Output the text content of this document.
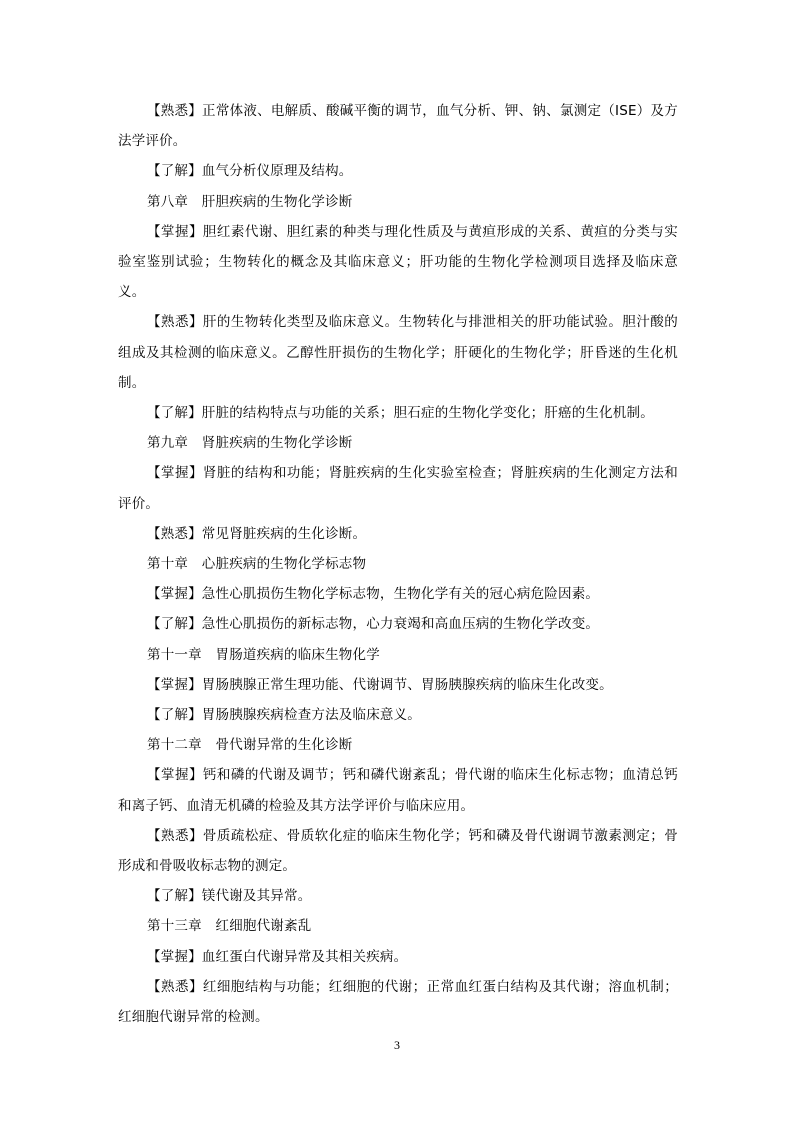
【熟悉】正常体液、电解质、酸碱平衡的调节，血气分析、钾、钠、氯测定（ISE）及方法学评价。

【了解】血气分析仪原理及结构。

第八章　肝胆疾病的生物化学诊断

【掌握】胆红素代谢、胆红素的种类与理化性质及与黄疸形成的关系、黄疸的分类与实验室鉴别试验；生物转化的概念及其临床意义；肝功能的生物化学检测项目选择及临床意义。

【熟悉】肝的生物转化类型及临床意义。生物转化与排泄相关的肝功能试验。胆汁酸的组成及其检测的临床意义。乙醇性肝损伤的生物化学；肝硬化的生物化学；肝昏迷的生化机制。

【了解】肝脏的结构特点与功能的关系；胆石症的生物化学变化；肝癌的生化机制。

第九章　肾脏疾病的生物化学诊断

【掌握】肾脏的结构和功能；肾脏疾病的生化实验室检查；肾脏疾病的生化测定方法和评价。

【熟悉】常见肾脏疾病的生化诊断。

第十章　心脏疾病的生物化学标志物

【掌握】急性心肌损伤生物化学标志物，生物化学有关的冠心病危险因素。

【了解】急性心肌损伤的新标志物，心力衰竭和高血压病的生物化学改变。

第十一章　胃肠道疾病的临床生物化学

【掌握】胃肠胰腺正常生理功能、代谢调节、胃肠胰腺疾病的临床生化改变。

【了解】胃肠胰腺疾病检查方法及临床意义。

第十二章　骨代谢异常的生化诊断

【掌握】钙和磷的代谢及调节；钙和磷代谢紊乱；骨代谢的临床生化标志物；血清总钙和离子钙、血清无机磷的检验及其方法学评价与临床应用。

【熟悉】骨质疏松症、骨质软化症的临床生物化学；钙和磷及骨代谢调节激素测定；骨形成和骨吸收标志物的测定。

【了解】镁代谢及其异常。

第十三章　红细胞代谢紊乱

【掌握】血红蛋白代谢异常及其相关疾病。

【熟悉】红细胞结构与功能；红细胞的代谢；正常血红蛋白结构及其代谢；溶血机制；红细胞代谢异常的检测。

3
